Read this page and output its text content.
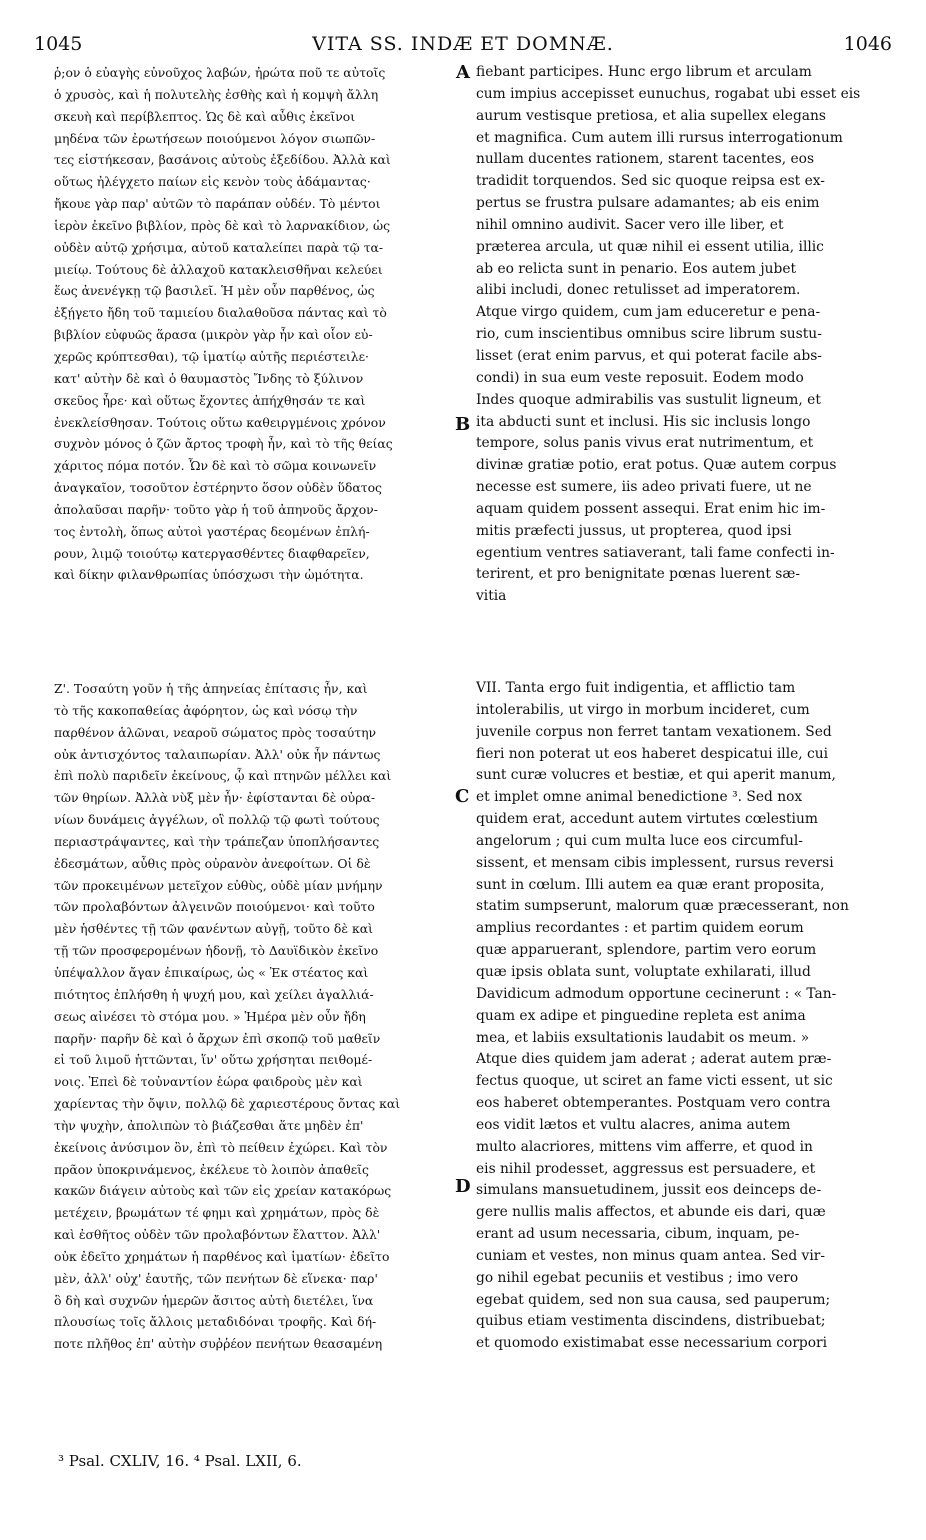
1045	VITA SS. INDÆ ET DOMNÆ.	1046
ῥ;ον ὁ εὐαγὴς εὐνοῦχος λαβών, ἠρώτα ποῦ τε αὐτοῖς
ὁ χρυσὸς, καὶ ἡ πολυτελὴς ἐσθὴς καὶ ἡ κομψὴ ἄλλη
σκευὴ καὶ περίβλεπτος. Ὡς δὲ καὶ αὖθις ἐκεῖνοι
μηδένα τῶν ἐρωτήσεων ποιούμενοι λόγον σιωπῶν-
τες εἱστήκεσαν, βασάνοις αὐτοὺς ἐξεδίδου. Ἀλλὰ καὶ
οὕτως ἠλέγχετο παίων εἰς κενὸν τοὺς ἀδάμαντας·
ἤκουε γὰρ παρ' αὐτῶν τὸ παράπαν οὐδέν. Τὸ μέντοι
ἱερὸν ἐκεῖνο βιβλίον, πρὸς δὲ καὶ τὸ λαρνακίδιον, ὡς
οὐδὲν αὐτῷ χρήσιμα, αὐτοῦ καταλείπει παρὰ τῷ τα-
μιείῳ. Τούτους δὲ ἀλλαχοῦ κατακλεισθῆναι κελεύει
ἕως ἀνενέγκῃ τῷ βασιλεῖ. Ἡ μὲν οὖν παρθένος, ὡς
ἐξῄγετο ἤδη τοῦ ταμιείου διαλαθοῦσα πάντας καὶ τὸ
βιβλίον εὐφυῶς ἅρασα (μικρὸν γὰρ ἦν καὶ οἷον εὐ-
χερῶς κρύπτεσθαι), τῷ ἱματίῳ αὐτῆς περιέστειλε·
κατ' αὐτὴν δὲ καὶ ὁ θαυμαστὸς Ἴνδης τὸ ξύλινον
σκεῦος ἦρε· καὶ οὕτως ἔχοντες ἀπήχθησάν τε καὶ
ἐνεκλείσθησαν. Τούτοις οὕτω καθειργμένοις χρόνον
συχνὸν μόνος ὁ ζῶν ἄρτος τροφὴ ἦν, καὶ τὸ τῆς θείας
χάριτος πόμα ποτόν. Ὧν δὲ καὶ τὸ σῶμα κοινωνεῖν
ἀναγκαῖον, τοσοῦτον ἐστέρηντο ὅσον οὐδὲν ὕδατος
ἀπολαῦσαι παρῆν· τοῦτο γὰρ ἡ τοῦ ἀπηνοῦς ἄρχον-
τος ἐντολὴ, ὅπως αὐτοὶ γαστέρας δεομένων ἐπλή-
ρουν, λιμῷ τοιούτῳ κατεργασθέντες διαφθαρεῖεν,
καὶ δίκην φιλανθρωπίας ὑπόσχωσι τὴν ὠμότητα.
Ζ'. Τοσαύτη γοῦν ἡ τῆς ἀπηνείας ἐπίτασις ἦν, καὶ
τὸ τῆς κακοπαθείας ἀφόρητον, ὡς καὶ νόσῳ τὴν
παρθένον ἁλῶναι, νεαροῦ σώματος πρὸς τοσαύτην
οὐκ ἀντισχόντος ταλαιπωρίαν. Ἀλλ' οὐκ ἦν πάντως
ἐπὶ πολὺ παριδεῖν ἐκείνους, ᾧ καὶ πτηνῶν μέλλει καὶ
τῶν θηρίων. Ἀλλὰ νὺξ μὲν ἦν· ἐφίστανται δὲ οὐρα-
νίων δυνάμεις ἀγγέλων, οἳ πολλῷ τῷ φωτὶ τούτους
περιαστράψαντες, καὶ τὴν τράπεζαν ὑποπλήσαντες
ἐδεσμάτων, αὖθις πρὸς οὐρανὸν ἀνεφοίτων. Οἱ δὲ
τῶν προκειμένων μετεῖχον εὐθὺς, οὐδὲ μίαν μνήμην
τῶν προλαβόντων ἀλγεινῶν ποιούμενοι· καὶ τοῦτο
μὲν ἡσθέντες τῇ τῶν φανέντων αὐγῇ, τοῦτο δὲ καὶ
τῇ τῶν προσφερομένων ἡδονῇ, τὸ Δαυϊδικὸν ἐκεῖνο
ὑπέψαλλον ἄγαν ἐπικαίρως, ὡς « Ἐκ στέατος καὶ
πιότητος ἐπλήσθη ἡ ψυχή μου, καὶ χείλει ἀγαλλιά-
σεως αἰνέσει τὸ στόμα μου. » Ἡμέρα μὲν οὖν ἤδη
παρῆν· παρῆν δὲ καὶ ὁ ἄρχων ἐπὶ σκοπῷ τοῦ μαθεῖν
εἰ τοῦ λιμοῦ ἡττῶνται, ἵν' οὕτω χρήσηται πειθομέ-
νοις. Ἐπεὶ δὲ τοὐναντίον ἑώρα φαιδροὺς μὲν καὶ
χαρίεντας τὴν ὄψιν, πολλῷ δὲ χαριεστέρους ὄντας καὶ
τὴν ψυχὴν, ἀπολιπὼν τὸ βιάζεσθαι ἅτε μηδὲν ἐπ'
ἐκείνοις ἀνύσιμον ὂν, ἐπὶ τὸ πείθειν ἐχώρει. Καὶ τὸν
πρᾶον ὑποκρινάμενος, ἐκέλευε τὸ λοιπὸν ἀπαθεῖς
κακῶν διάγειν αὐτοὺς καὶ τῶν εἰς χρείαν κατακόρως
μετέχειν, βρωμάτων τέ φημι καὶ χρημάτων, πρὸς δὲ
καὶ ἐσθῆτος οὐδὲν τῶν προλαβόντων ἔλαττον. Ἀλλ'
οὐκ ἐδεῖτο χρημάτων ἡ παρθένος καὶ ἱματίων· ἐδεῖτο
μὲν, ἀλλ' οὐχ' ἑαυτῆς, τῶν πενήτων δὲ εἵνεκα· παρ'
ὃ δὴ καὶ συχνῶν ἡμερῶν ἄσιτος αὐτὴ διετέλει, ἵνα
πλουσίως τοῖς ἄλλοις μεταδιδόναι τροφῆς. Καὶ δή-
ποτε πλῆθος ἐπ' αὐτὴν συῤῥέον πενήτων θεασαμένη
fiebant participes. Hunc ergo librum et arculam
cum impius accepisset eunuchus, rogabat ubi esset eis
aurum vestisque pretiosa, et alia supellex elegans
et magnifica. Cum autem illi rursus interrogationum
nullam ducentes rationem, starent tacentes, eos
tradidit torquendos. Sed sic quoque reipsa est ex-
pertus se frustra pulsare adamantes; ab eis enim
nihil omnino audivit. Sacer vero ille liber, et
præterea arcula, ut quæ nihil ei essent utilia, illic
ab eo relicta sunt in penario. Eos autem jubet
alibi includi, donec retulisset ad imperatorem.
Atque virgo quidem, cum jam educeretur e pena-
rio, cum inscientibus omnibus scire librum sustu-
lisset (erat enim parvus, et qui poterat facile abs-
condi) in sua eum veste reposuit. Eodem modo
Indes quoque admirabilis vas sustulit ligneum, et
ita abducti sunt et inclusi. His sic inclusis longo
tempore, solus panis vivus erat nutrimentum, et
divinæ gratiæ potio, erat potus. Quæ autem corpus
necesse est sumere, iis adeo privati fuere, ut ne
aquam quidem possent assequi. Erat enim hic im-
mitis præfecti jussus, ut propterea, quod ipsi
egentium ventres satiaverant, tali fame confecti in-
terirent, et pro benignitate pœnas luerent sæ-
vitia
VII. Tanta ergo fuit indigentia, et afflictio tam
intolerabilis, ut virgo in morbum incideret, cum
juvenile corpus non ferret tantam vexationem. Sed
fieri non poterat ut eos haberet despicatui ille, cui
sunt curæ volucres et bestiæ, et qui aperit manum,
et implet omne animal benedictione ³. Sed nox
quidem erat, accedunt autem virtutes cœlestium
angelorum ; qui cum multa luce eos circumful-
sissent, et mensam cibis implessent, rursus reversi
sunt in cœlum. Illi autem ea quæ erant proposita,
statim sumpserunt, malorum quæ præcesserant, non
amplius recordantes : et partim quidem eorum
quæ apparuerant, splendore, partim vero eorum
quæ ipsis oblata sunt, voluptate exhilarati, illud
Davidicum admodum opportune cecinerunt : « Tan-
quam ex adipe et pinguedine repleta est anima
mea, et labiis exsultationis laudabit os meum. »
Atque dies quidem jam aderat ; aderat autem præ-
fectus quoque, ut sciret an fame victi essent, ut sic
eos haberet obtemperantes. Postquam vero contra
eos vidit lætos et vultu alacres, anima autem
multo alacriores, mittens vim afferre, et quod in
eis nihil prodesset, aggressus est persuadere, et
simulans mansuetudinem, jussit eos deinceps de-
gere nullis malis affectos, et abunde eis dari, quæ
erant ad usum necessaria, cibum, inquam, pe-
cuniam et vestes, non minus quam antea. Sed vir-
go nihil egebat pecuniis et vestibus ; imo vero
egebat quidem, sed non sua causa, sed pauperum;
quibus etiam vestimenta discindens, distribuebat;
et quomodo existimabat esse necessarium corpori
A
B
C
D
³ Psal. CXLIV, 16. ⁴ Psal. LXII, 6.
